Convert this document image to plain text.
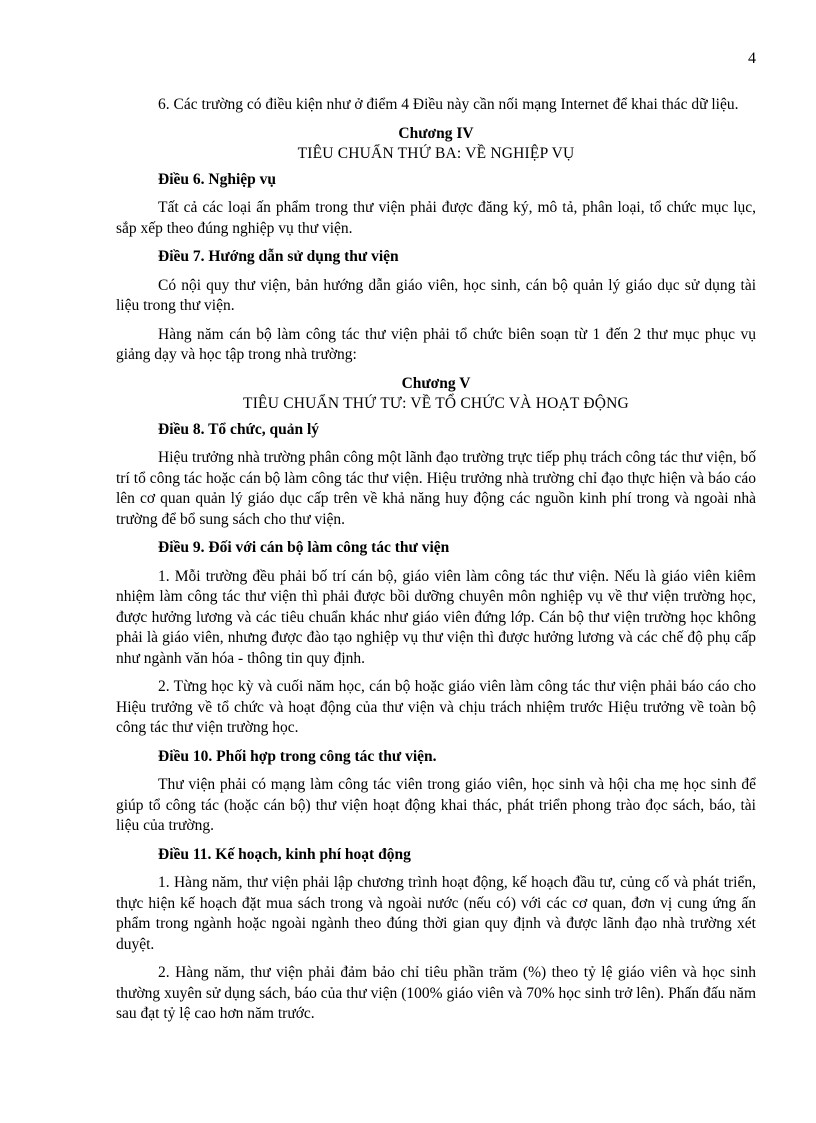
4

6. Các trường có điều kiện như ở điểm 4 Điều này cần nối mạng Internet để khai thác dữ liệu.

Chương IV
TIÊU CHUẨN THỨ BA: VỀ NGHIỆP VỤ

Điều 6. Nghiệp vụ

Tất cả các loại ấn phẩm trong thư viện phải được đăng ký, mô tả, phân loại, tổ chức mục lục, sắp xếp theo đúng nghiệp vụ thư viện.

Điều 7. Hướng dẫn sử dụng thư viện

Có nội quy thư viện, bản hướng dẫn giáo viên, học sinh, cán bộ quản lý giáo dục sử dụng tài liệu trong thư viện.

Hàng năm cán bộ làm công tác thư viện phải tổ chức biên soạn từ 1 đến 2 thư mục phục vụ giảng dạy và học tập trong nhà trường:

Chương V
TIÊU CHUẨN THỨ TƯ: VỀ TỔ CHỨC VÀ HOẠT ĐỘNG

Điều 8. Tổ chức, quản lý

Hiệu trưởng nhà trường phân công một lãnh đạo trường trực tiếp phụ trách công tác thư viện, bố trí tổ công tác hoặc cán bộ làm công tác thư viện. Hiệu trưởng nhà trường chỉ đạo thực hiện và báo cáo lên cơ quan quản lý giáo dục cấp trên về khả năng huy động các nguồn kinh phí trong và ngoài nhà trường để bổ sung sách cho thư viện.

Điều 9. Đối với cán bộ làm công tác thư viện

1. Mỗi trường đều phải bố trí cán bộ, giáo viên làm công tác thư viện. Nếu là giáo viên kiêm nhiệm làm công tác thư viện thì phải được bồi dưỡng chuyên môn nghiệp vụ về thư viện trường học, được hưởng lương và các tiêu chuẩn khác như giáo viên đứng lớp. Cán bộ thư viện trường học không phải là giáo viên, nhưng được đào tạo nghiệp vụ thư viện thì được hưởng lương và các chế độ phụ cấp như ngành văn hóa - thông tin quy định.

2. Từng học kỳ và cuối năm học, cán bộ hoặc giáo viên làm công tác thư viện phải báo cáo cho Hiệu trưởng về tổ chức và hoạt động của thư viện và chịu trách nhiệm trước Hiệu trưởng về toàn bộ công tác thư viện trường học.

Điều 10. Phối hợp trong công tác thư viện.

Thư viện phải có mạng làm công tác viên trong giáo viên, học sinh và hội cha mẹ học sinh để giúp tổ công tác (hoặc cán bộ) thư viện hoạt động khai thác, phát triển phong trào đọc sách, báo, tài liệu của trường.

Điều 11. Kế hoạch, kinh phí hoạt động

1. Hàng năm, thư viện phải lập chương trình hoạt động, kế hoạch đầu tư, củng cố và phát triển, thực hiện kế hoạch đặt mua sách trong và ngoài nước (nếu có) với các cơ quan, đơn vị cung ứng ấn phẩm trong ngành hoặc ngoài ngành theo đúng thời gian quy định và được lãnh đạo nhà trường xét duyệt.

2. Hàng năm, thư viện phải đảm bảo chỉ tiêu phần trăm (%) theo tỷ lệ giáo viên và học sinh thường xuyên sử dụng sách, báo của thư viện (100% giáo viên và 70% học sinh trở lên). Phấn đấu năm sau đạt tỷ lệ cao hơn năm trước.
